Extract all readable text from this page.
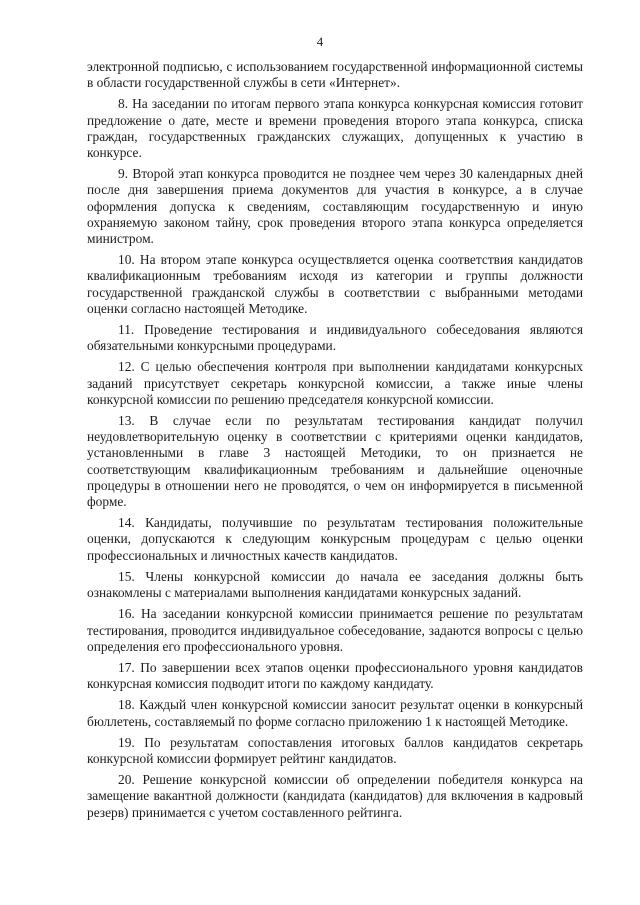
4

электронной подписью, с использованием государственной информационной системы в области государственной службы в сети «Интернет».

8. На заседании по итогам первого этапа конкурса конкурсная комиссия готовит предложение о дате, месте и времени проведения второго этапа конкурса, списка граждан, государственных гражданских служащих, допущенных к участию в конкурсе.

9. Второй этап конкурса проводится не позднее чем через 30 календарных дней после дня завершения приема документов для участия в конкурсе, а в случае оформления допуска к сведениям, составляющим государственную и иную охраняемую законом тайну, срок проведения второго этапа конкурса определяется министром.

10. На втором этапе конкурса осуществляется оценка соответствия кандидатов квалификационным требованиям исходя из категории и группы должности государственной гражданской службы в соответствии с выбранными методами оценки согласно настоящей Методике.

11. Проведение тестирования и индивидуального собеседования являются обязательными конкурсными процедурами.

12. С целью обеспечения контроля при выполнении кандидатами конкурсных заданий присутствует секретарь конкурсной комиссии, а также иные члены конкурсной комиссии по решению председателя конкурсной комиссии.

13. В случае если по результатам тестирования кандидат получил неудовлетворительную оценку в соответствии с критериями оценки кандидатов, установленными в главе 3 настоящей Методики, то он признается не соответствующим квалификационным требованиям и дальнейшие оценочные процедуры в отношении него не проводятся, о чем он информируется в письменной форме.

14. Кандидаты, получившие по результатам тестирования положительные оценки, допускаются к следующим конкурсным процедурам с целью оценки профессиональных и личностных качеств кандидатов.

15. Члены конкурсной комиссии до начала ее заседания должны быть ознакомлены с материалами выполнения кандидатами конкурсных заданий.

16. На заседании конкурсной комиссии принимается решение по результатам тестирования, проводится индивидуальное собеседование, задаются вопросы с целью определения его профессионального уровня.

17. По завершении всех этапов оценки профессионального уровня кандидатов конкурсная комиссия подводит итоги по каждому кандидату.

18. Каждый член конкурсной комиссии заносит результат оценки в конкурсный бюллетень, составляемый по форме согласно приложению 1 к настоящей Методике.

19. По результатам сопоставления итоговых баллов кандидатов секретарь конкурсной комиссии формирует рейтинг кандидатов.

20. Решение конкурсной комиссии об определении победителя конкурса на замещение вакантной должности (кандидата (кандидатов) для включения в кадровый резерв) принимается с учетом составленного рейтинга.
